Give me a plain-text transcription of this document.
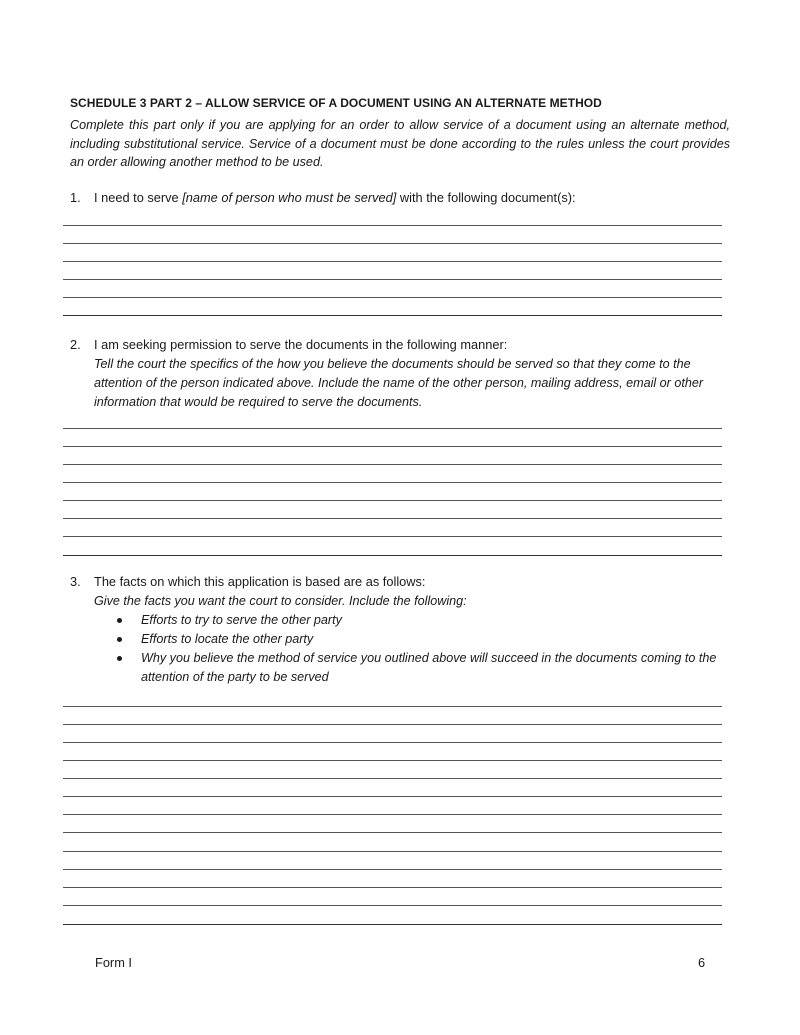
SCHEDULE 3 PART 2 – ALLOW SERVICE OF A DOCUMENT USING AN ALTERNATE METHOD
Complete this part only if you are applying for an order to allow service of a document using an alternate method, including substitutional service. Service of a document must be done according to the rules unless the court provides an order allowing another method to be used.
1. I need to serve [name of person who must be served] with the following document(s):
2. I am seeking permission to serve the documents in the following manner:
Tell the court the specifics of the how you believe the documents should be served so that they come to the attention of the person indicated above. Include the name of the other person, mailing address, email or other information that would be required to serve the documents.
3. The facts on which this application is based are as follows:
Give the facts you want the court to consider. Include the following:
Efforts to try to serve the other party
Efforts to locate the other party
Why you believe the method of service you outlined above will succeed in the documents coming to the attention of the party to be served
Form I	6
